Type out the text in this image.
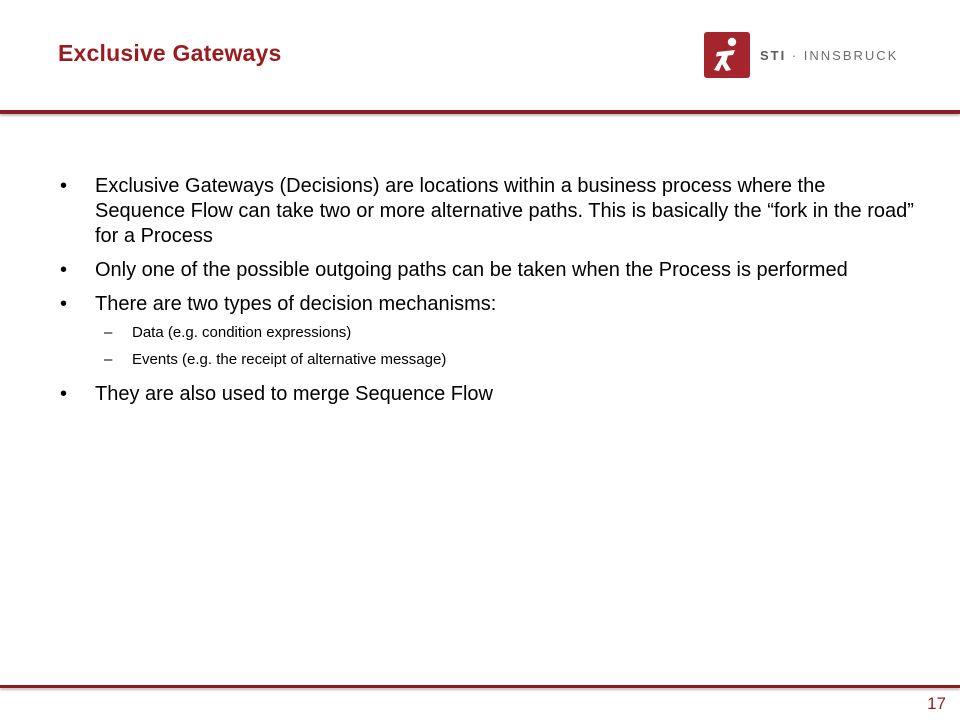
Exclusive Gateways	STI · INNSBRUCK
• Exclusive Gateways (Decisions) are locations within a business process where the Sequence Flow can take two or more alternative paths. This is basically the “fork in the road” for a Process
• Only one of the possible outgoing paths can be taken when the Process is performed
• There are two types of decision mechanisms:
– Data (e.g. condition expressions)
– Events (e.g. the receipt of alternative message)
• They are also used to merge Sequence Flow
17
